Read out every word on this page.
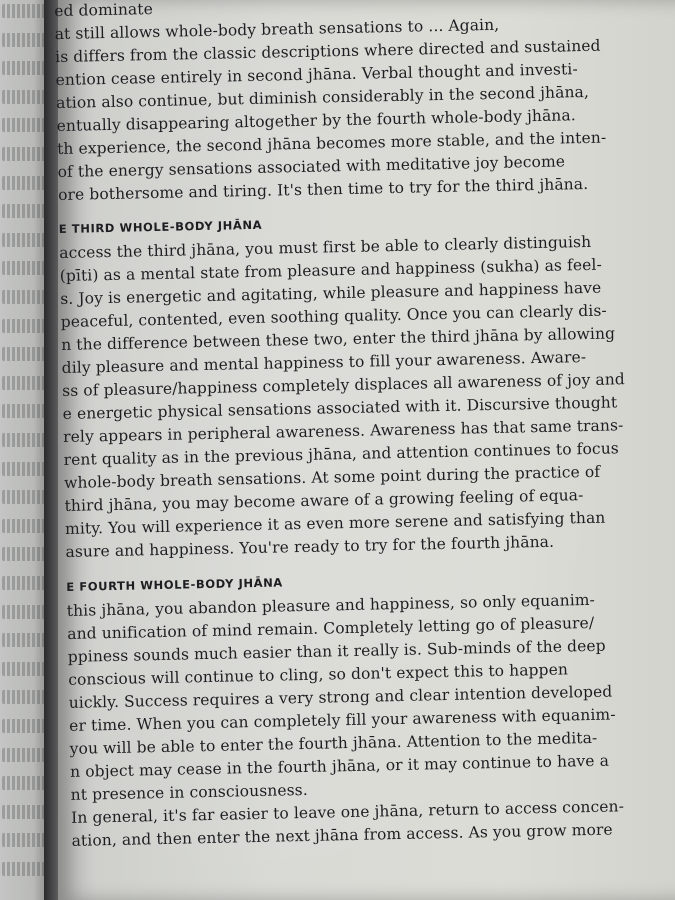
ed dominate
at still allows whole-body breath sensations to ... Again,
is differs from the classic descriptions where directed and sustained
ention cease entirely in second jhāna. Verbal thought and investi-
ation also continue, but diminish considerably in the second jhāna,
entually disappearing altogether by the fourth whole-body jhāna.
th experience, the second jhāna becomes more stable, and the inten-
of the energy sensations associated with meditative joy become
ore bothersome and tiring. It's then time to try for the third jhāna.
E THIRD WHOLE-BODY JHĀNA
access the third jhāna, you must first be able to clearly distinguish
(pīti) as a mental state from pleasure and happiness (sukha) as feel-
s. Joy is energetic and agitating, while pleasure and happiness have
peaceful, contented, even soothing quality. Once you can clearly dis-
n the difference between these two, enter the third jhāna by allowing
dily pleasure and mental happiness to fill your awareness. Aware-
ss of pleasure/happiness completely displaces all awareness of joy and
e energetic physical sensations associated with it. Discursive thought
rely appears in peripheral awareness. Awareness has that same trans-
rent quality as in the previous jhāna, and attention continues to focus
whole-body breath sensations. At some point during the practice of
third jhāna, you may become aware of a growing feeling of equa-
mity. You will experience it as even more serene and satisfying than
asure and happiness. You're ready to try for the fourth jhāna.
E FOURTH WHOLE-BODY JHĀNA
this jhāna, you abandon pleasure and happiness, so only equanim-
and unification of mind remain. Completely letting go of pleasure/
ppiness sounds much easier than it really is. Sub-minds of the deep
conscious will continue to cling, so don't expect this to happen
uickly. Success requires a very strong and clear intention developed
er time. When you can completely fill your awareness with equanim-
you will be able to enter the fourth jhāna. Attention to the medita-
n object may cease in the fourth jhāna, or it may continue to have a
nt presence in consciousness.
In general, it's far easier to leave one jhāna, return to access concen-
ation, and then enter the next jhāna from access. As you grow more
